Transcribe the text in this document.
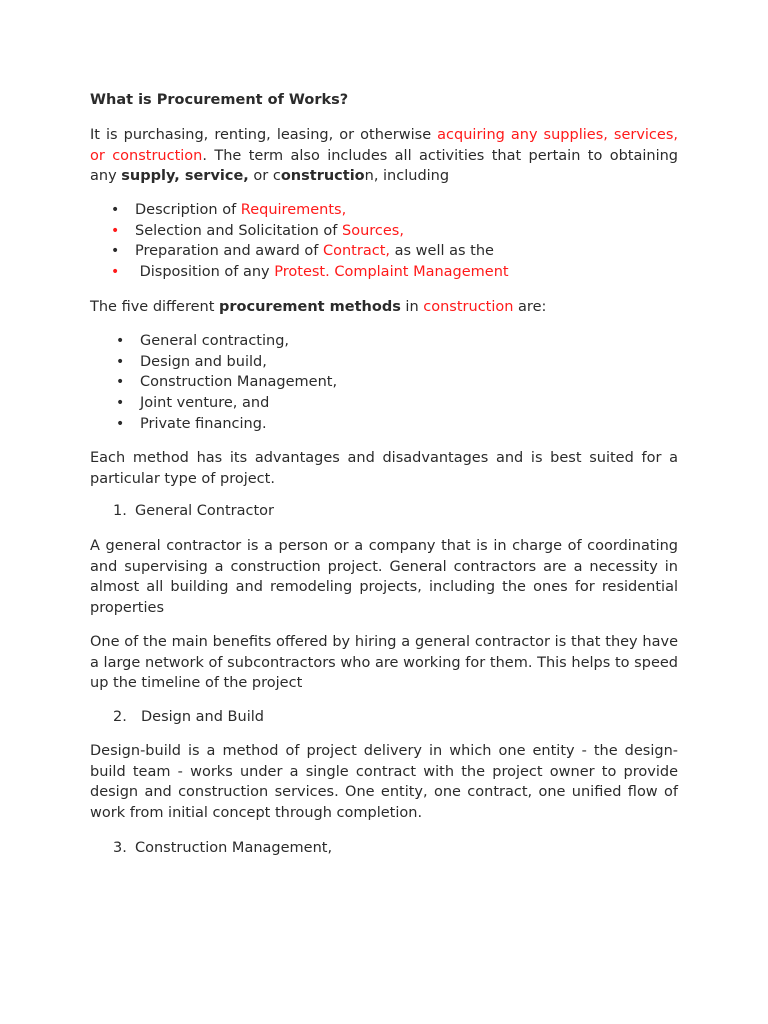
What is Procurement of Works?
It is purchasing, renting, leasing, or otherwise acquiring any supplies, services, or construction. The term also includes all activities that pertain to obtaining any supply, service, or construction, including
• Description of Requirements,
• Selection and Solicitation of Sources,
• Preparation and award of Contract, as well as the
• Disposition of any Protest. Complaint Management
The five different procurement methods in construction are:
• General contracting,
• Design and build,
• Construction Management,
• Joint venture, and
• Private financing.
Each method has its advantages and disadvantages and is best suited for a particular type of project.
1. General Contractor
A general contractor is a person or a company that is in charge of coordinating and supervising a construction project. General contractors are a necessity in almost all building and remodeling projects, including the ones for residential properties
One of the main benefits offered by hiring a general contractor is that they have a large network of subcontractors who are working for them. This helps to speed up the timeline of the project
2. Design and Build
Design-build is a method of project delivery in which one entity - the design-build team - works under a single contract with the project owner to provide design and construction services. One entity, one contract, one unified flow of work from initial concept through completion.
3. Construction Management,
